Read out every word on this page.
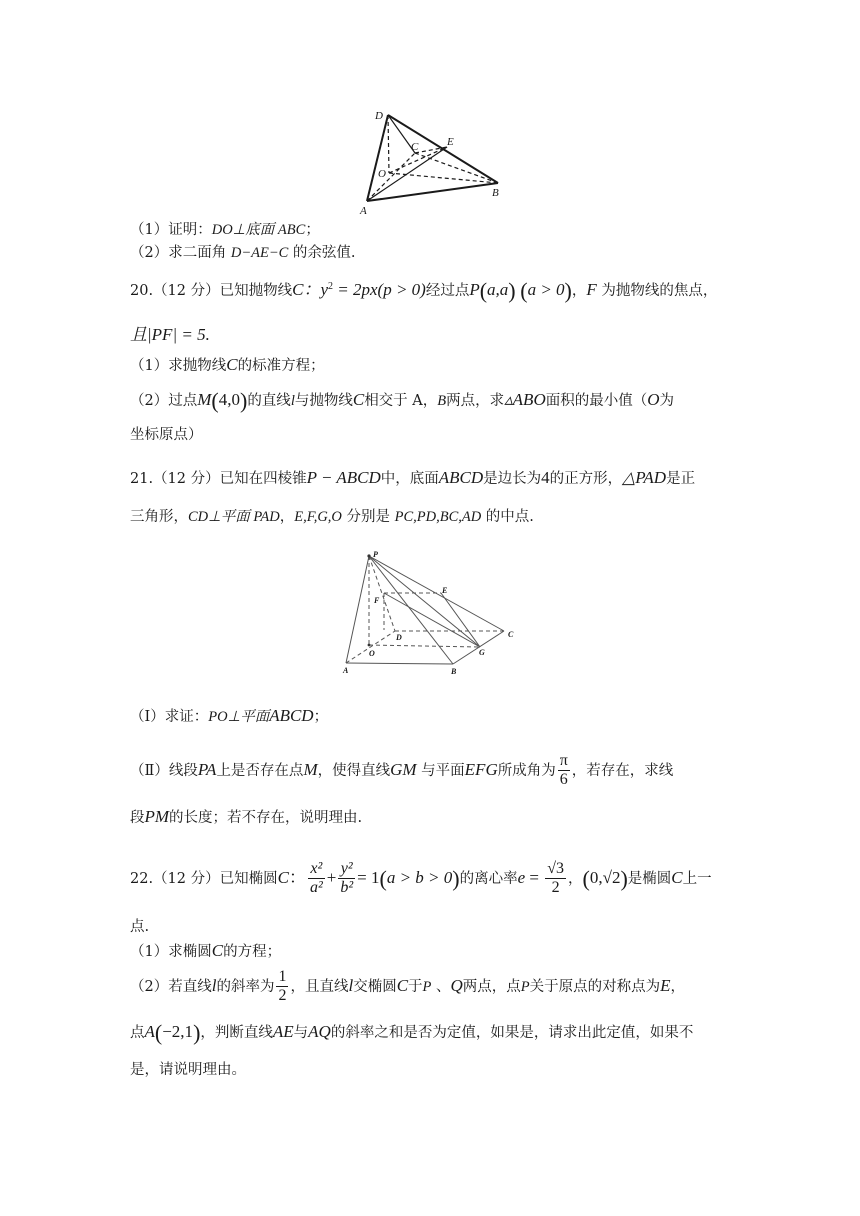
D
E
C
O
B
A
（1）证明：DO⊥底面 ABC；
（2）求二面角 D−AE−C 的余弦值.
20.（12 分）已知抛物线C：$y^2 = 2px(p > 0)$经过点P(a,a) (a > 0)，F 为抛物线的焦点，
且|PF| = 5.
（1）求抛物线C的标准方程；
（2）过点M(4,0)的直线l与抛物线C相交于 A，B两点，求▵ABO面积的最小值（O为
坐标原点）
21.（12 分）已知在四棱锥P − ABCD中，底面ABCD是边长为4的正方形，△PAD是正
三角形，CD⊥平面 PAD，E,F,G,O 分别是 PC,PD,BC,AD 的中点.
P
E
F
D	C
O	G
A	B
（Ⅰ）求证：PO⊥平面ABCD；
（Ⅱ）线段PA上是否存在点M，使得直线GM 与平面EFG所成角为 $\frac{\pi}{6}$ ，若存在，求线
段PM的长度；若不存在，说明理由.
22.（12 分）已知椭圆C： $\frac{\text{x²}}{\text{a²}} + \frac{\text{y²}}{\text{b²}} = 1(a > b > 0)$的离心率$e = \frac{√3}{2}$ ，(0,√2)是椭圆C上一
点.
（1）求椭圆C的方程；
（2）若直线l的斜率为 $\frac{1}{2}$ ，且直线l交椭圆C于P 、Q两点，点P关于原点的对称点为E，
点A(−2,1)，判断直线AE与AQ的斜率之和是否为定值，如果是，请求出此定值，如果不
是，请说明理由。
